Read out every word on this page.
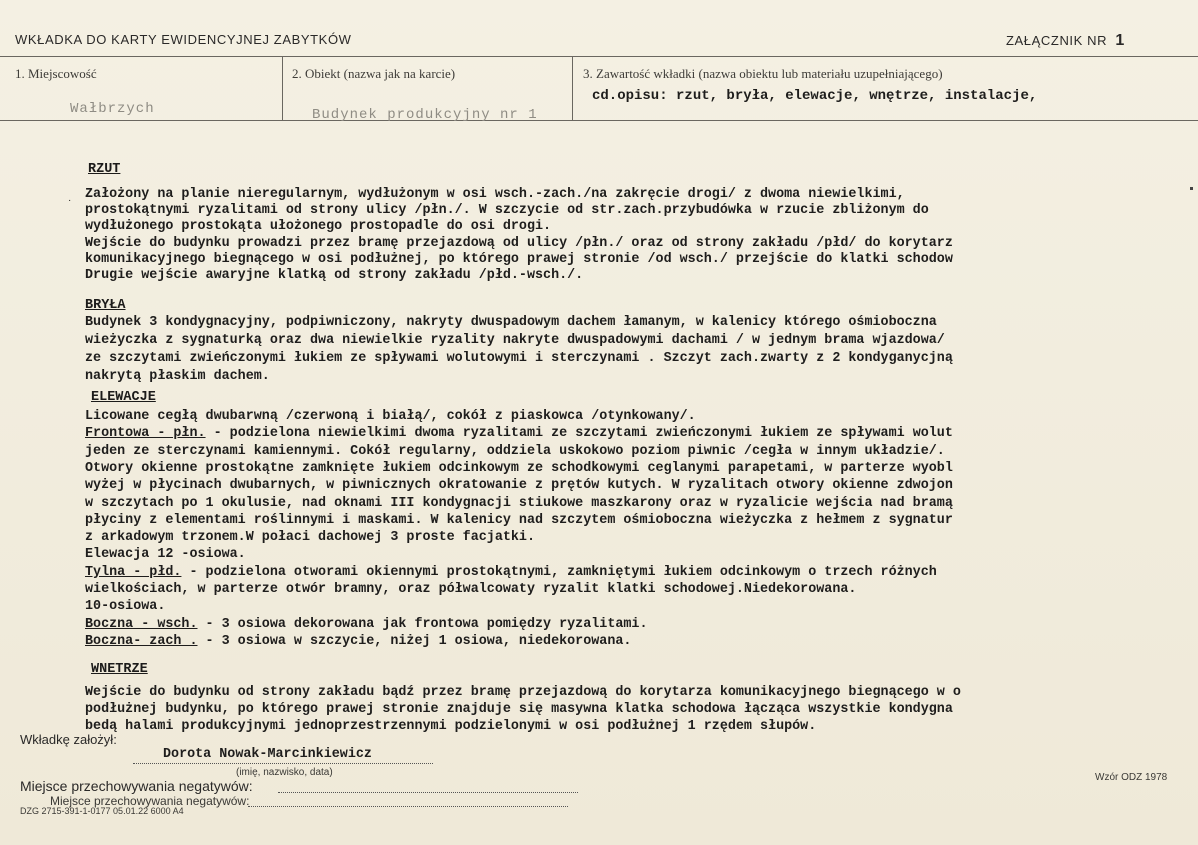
WKŁADKA DO KARTY EWIDENCYJNEJ ZABYTKÓW	ZAŁĄCZNIK NR 1
1. Miejscowość
Wałbrzych
2. Obiekt (nazwa jak na karcie)
Budynek produkcyjny nr 1
3. Zawartość wkładki (nazwa obiektu lub materiału uzupełniającego)
cd.opisu: rzut, bryła, elewacje, wnętrze, instalacje,
·
RZUT
Założony na planie nieregularnym, wydłużonym w osi wsch.-zach./na zakręcie drogi/ z dwoma niewielkimi,
prostokątnymi ryzalitami od strony ulicy /płn./. W szczycie od str.zach.przybudówka w rzucie zbliżonym do
wydłużonego prostokąta ułożonego prostopadle do osi drogi.
Wejście do budynku prowadzi przez bramę przejazdową od ulicy /płn./ oraz od strony zakładu /płd/ do korytarz
komunikacyjnego biegnącego w osi podłużnej, po którego prawej stronie /od wsch./ przejście do klatki schodow
Drugie wejście awaryjne klatką od strony zakładu /płd.-wsch./.
BRYŁA
Budynek 3 kondygnacyjny, podpiwniczony, nakryty dwuspadowym dachem łamanym, w kalenicy którego ośmioboczna
wieżyczka z sygnaturką oraz dwa niewielkie ryzality nakryte dwuspadowymi dachami / w jednym brama wjazdowa/
ze szczytami zwieńczonymi łukiem ze spływami wolutowymi i sterczynami . Szczyt zach.zwarty z 2 kondyganycjną
nakrytą płaskim dachem.
ELEWACJE
Licowane cegłą dwubarwną /czerwoną i białą/, cokół z piaskowca /otynkowany/.
Frontowa - płn. - podzielona niewielkimi dwoma ryzalitami ze szczytami zwieńczonymi łukiem ze spływami wolut
jeden ze sterczynami kamiennymi. Cokół regularny, oddziela uskokowo poziom piwnic /cegła w innym układzie/.
Otwory okienne prostokątne zamknięte łukiem odcinkowym ze schodkowymi ceglanymi parapetami, w parterze wyobl
wyżej w płycinach dwubarnych, w piwnicznych okratowanie z prętów kutych. W ryzalitach otwory okienne zdwojon
w szczytach po 1 okulusie, nad oknami III kondygnacji stiukowe maszkarony oraz w ryzalicie wejścia nad bramą
płyciny z elementami roślinnymi i maskami. W kalenicy nad szczytem ośmioboczna wieżyczka z hełmem z sygnatur
z arkadowym trzonem.W połaci dachowej 3 proste facjatki.
Elewacja 12 -osiowa.
Tylna - płd. - podzielona otworami okiennymi prostokątnymi, zamkniętymi łukiem odcinkowym o trzech różnych
wielkościach, w parterze otwór bramny, oraz półwalcowaty ryzalit klatki schodowej.Niedekorowana.
10-osiowa.
Boczna - wsch. - 3 osiowa dekorowana jak frontowa pomiędzy ryzalitami.
Boczna- zach . - 3 osiowa w szczycie, niżej 1 osiowa, niedekorowana.
WNETRZE
Wejście do budynku od strony zakładu bądź przez bramę przejazdową do korytarza komunikacyjnego biegnącego w o
podłużnej budynku, po którego prawej stronie znajduje się masywna klatka schodowa łącząca wszystkie kondygna
bedą halami produkcyjnymi jednoprzestrzennymi podzielonymi w osi podłużnej 1 rzędem słupów.
Wkładkę założył:
Dorota Nowak-Marcinkiewicz
(imię, nazwisko, data)
Miejsce przechowywania negatywów:
Miejsce przechowywania negatywów:
Wzór ODZ 1978
DZG 2715-391-1-0177 05.01.22 6000 A4
